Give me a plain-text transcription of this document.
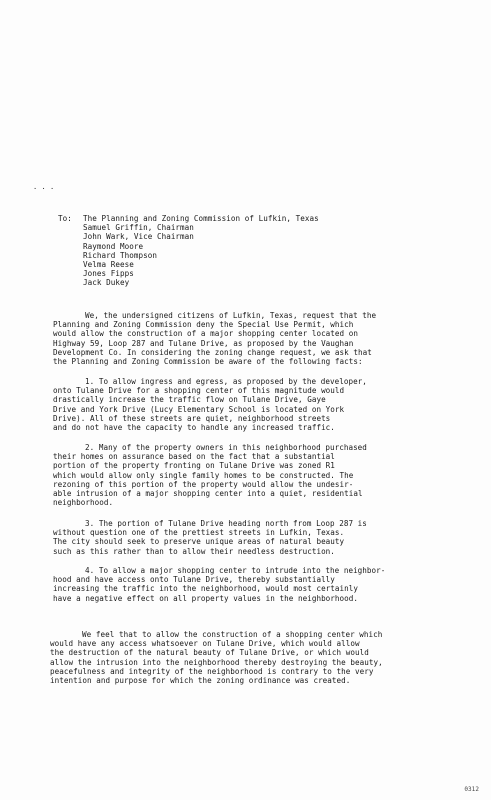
. . .
To: The Planning and Zoning Commission of Lufkin, Texas
Samuel Griffin, Chairman
John Wark, Vice Chairman
Raymond Moore
Richard Thompson
Velma Reese
Jones Fipps
Jack Dukey
We, the undersigned citizens of Lufkin, Texas, request that the
Planning and Zoning Commission deny the Special Use Permit, which
would allow the construction of a major shopping center located on
Highway 59, Loop 287 and Tulane Drive, as proposed by the Vaughan
Development Co. In considering the zoning change request, we ask that
the Planning and Zoning Commission be aware of the following facts:
1. To allow ingress and egress, as proposed by the developer,
onto Tulane Drive for a shopping center of this magnitude would
drastically increase the traffic flow on Tulane Drive, Gaye
Drive and York Drive (Lucy Elementary School is located on York
Drive). All of these streets are quiet, neighborhood streets
and do not have the capacity to handle any increased traffic.
2. Many of the property owners in this neighborhood purchased
their homes on assurance based on the fact that a substantial
portion of the property fronting on Tulane Drive was zoned R1
which would allow only single family homes to be constructed. The
rezoning of this portion of the property would allow the undesir-
able intrusion of a major shopping center into a quiet, residential
neighborhood.
3. The portion of Tulane Drive heading north from Loop 287 is
without question one of the prettiest streets in Lufkin, Texas.
The city should seek to preserve unique areas of natural beauty
such as this rather than to allow their needless destruction.
4. To allow a major shopping center to intrude into the neighbor-
hood and have access onto Tulane Drive, thereby substantially
increasing the traffic into the neighborhood, would most certainly
have a negative effect on all property values in the neighborhood.
We feel that to allow the construction of a shopping center which
would have any access whatsoever on Tulane Drive, which would allow
the destruction of the natural beauty of Tulane Drive, or which would
allow the intrusion into the neighborhood thereby destroying the beauty,
peacefulness and integrity of the neighborhood is contrary to the very
intention and purpose for which the zoning ordinance was created.
0312
